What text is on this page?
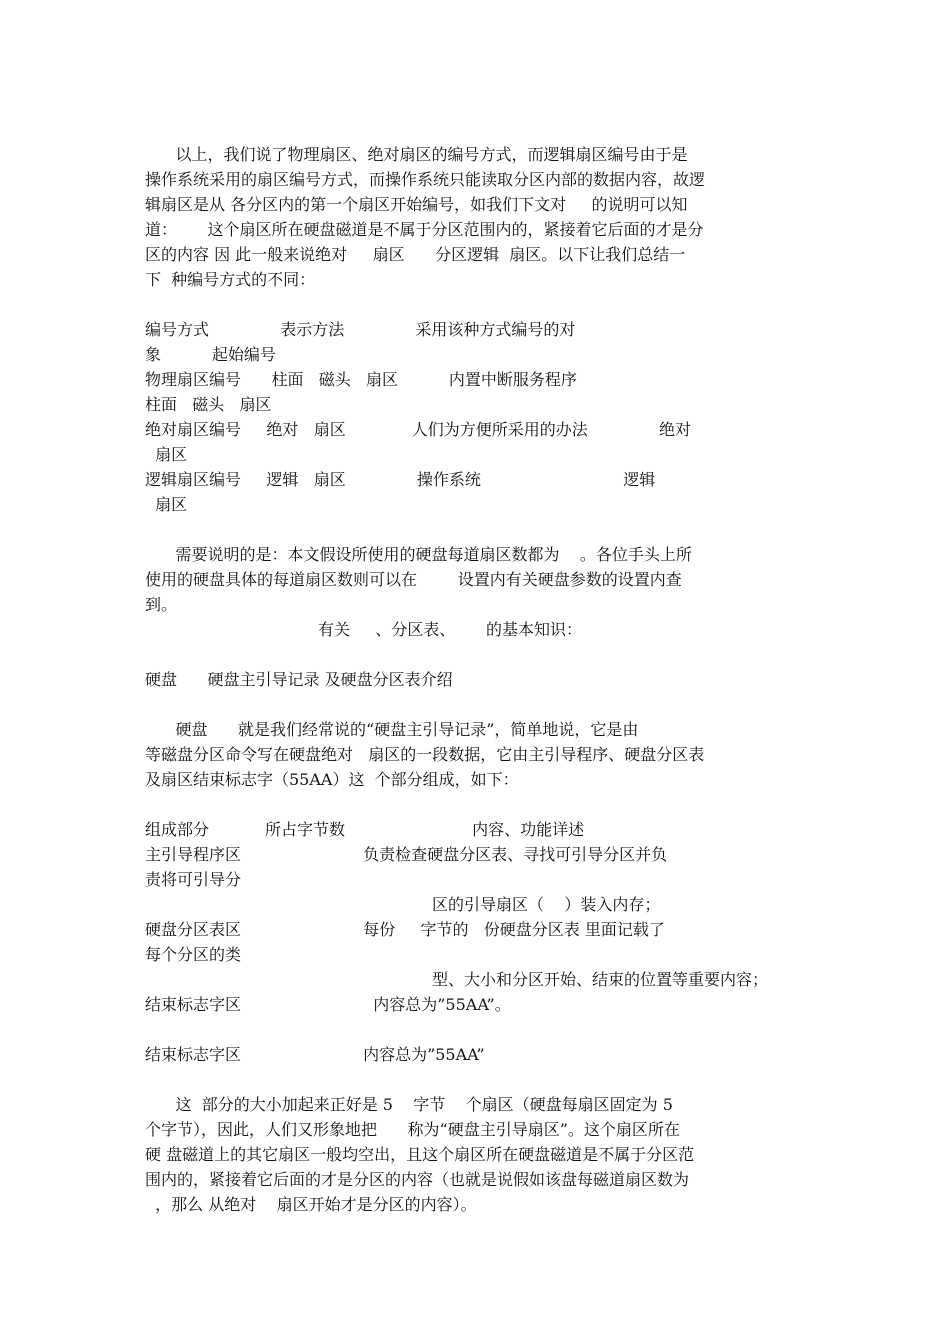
以上，我们说了物理扇区、绝对扇区的编号方式，而逻辑扇区编号由于是
操作系统采用的扇区编号方式，而操作系统只能读取分区内部的数据内容，故逻
辑扇区是从 各分区内的第一个扇区开始编号，如我们下文对     的说明可以知
道：      这个扇区所在硬盘磁道是不属于分区范围内的，紧接着它后面的才是分
区的内容 因 此一般来说绝对     扇区      分区逻辑  扇区。以下让我们总结一
下  种编号方式的不同：
编号方式              表示方法              采用该种方式编号的对
象          起始编号
物理扇区编号      柱面   磁头   扇区          内置中断服务程序
柱面   磁头   扇区
绝对扇区编号     绝对   扇区             人们为方便所采用的办法              绝对
扇区
逻辑扇区编号     逻辑   扇区              操作系统                            逻辑
扇区
需要说明的是：本文假设所使用的硬盘每道扇区数都为    。各位手头上所
使用的硬盘具体的每道扇区数则可以在        设置内有关硬盘参数的设置内查
到。
有关     、分区表、      的基本知识：
硬盘      硬盘主引导记录 及硬盘分区表介绍
硬盘      就是我们经常说的“硬盘主引导记录”，简单地说，它是由
等磁盘分区命令写在硬盘绝对   扇区的一段数据，它由主引导程序、硬盘分区表
及扇区结束标志字（55AA）这  个部分组成，如下：
组成部分           所占字节数                         内容、功能详述
主引导程序区                        负责检查硬盘分区表、寻找可引导分区并负
责将可引导分
区的引导扇区（    ）装入内存；
硬盘分区表区                        每份     字节的   份硬盘分区表 里面记载了
每个分区的类
型、大小和分区开始、结束的位置等重要内容；
结束标志字区                          内容总为”55AA”。
结束标志字区                        内容总为”55AA”
这  部分的大小加起来正好是 5    字节    个扇区（硬盘每扇区固定为 5
个字节），因此，人们又形象地把      称为“硬盘主引导扇区”。这个扇区所在
硬 盘磁道上的其它扇区一般均空出，且这个扇区所在硬盘磁道是不属于分区范
围内的，紧接着它后面的才是分区的内容（也就是说假如该盘每磁道扇区数为
，那么 从绝对    扇区开始才是分区的内容）。
